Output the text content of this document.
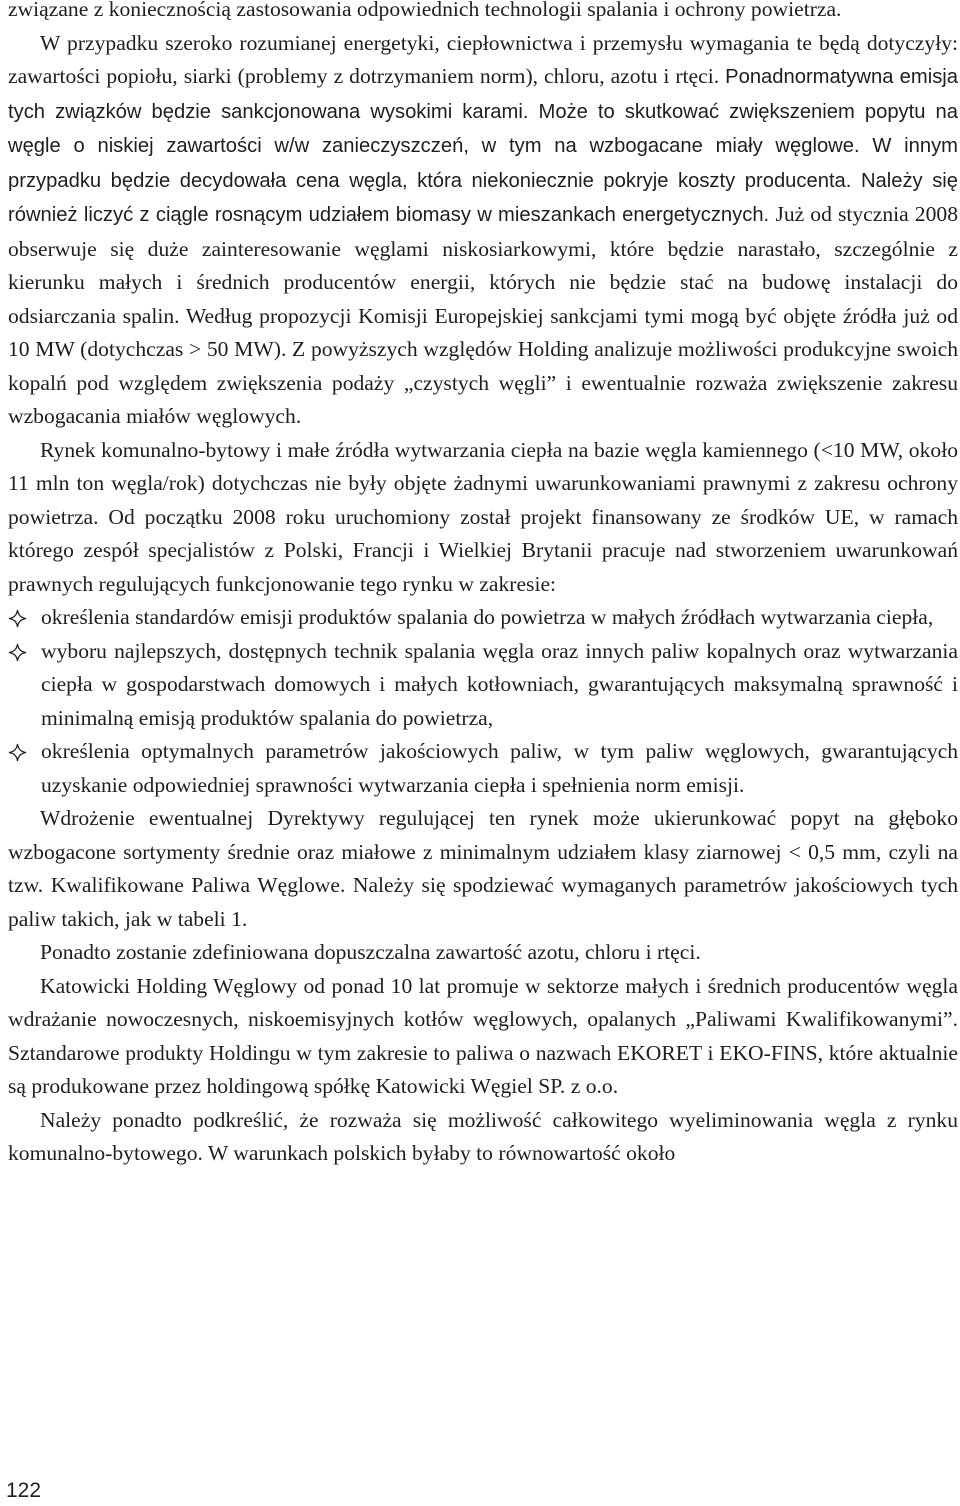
związane z koniecznością zastosowania odpowiednich technologii spalania i ochrony powietrza.

W przypadku szeroko rozumianej energetyki, ciepłownictwa i przemysłu wymagania te będą dotyczyły: zawartości popiołu, siarki (problemy z dotrzymaniem norm), chloru, azotu i rtęci. Ponadnormatywna emisja tych związków będzie sankcjonowana wysokimi karami. Może to skutkować zwiększeniem popytu na węgle o niskiej zawartości w/w zanieczyszczeń, w tym na wzbogacane miały węglowe. W innym przypadku będzie decydowała cena węgla, która niekoniecznie pokryje koszty producenta. Należy się również liczyć z ciągle rosnącym udziałem biomasy w mieszankach energetycznych. Już od stycznia 2008 obserwuje się duże zainteresowanie węglami niskosiarkowymi, które będzie narastało, szczególnie z kierunku małych i średnich producentów energii, których nie będzie stać na budowę instalacji do odsiarczania spalin. Według propozycji Komisji Europejskiej sankcjami tymi mogą być objęte źródła już od 10 MW (dotychczas > 50 MW). Z powyższych względów Holding analizuje możliwości produkcyjne swoich kopalń pod względem zwiększenia podaży „czystych węgli” i ewentualnie rozważa zwiększenie zakresu wzbogacania miałów węglowych.

Rynek komunalno-bytowy i małe źródła wytwarzania ciepła na bazie węgla kamiennego (<10 MW, około 11 mln ton węgla/rok) dotychczas nie były objęte żadnymi uwarunkowaniami prawnymi z zakresu ochrony powietrza. Od początku 2008 roku uruchomiony został projekt finansowany ze środków UE, w ramach którego zespół specjalistów z Polski, Francji i Wielkiej Brytanii pracuje nad stworzeniem uwarunkowań prawnych regulujących funkcjonowanie tego rynku w zakresie:

określenia standardów emisji produktów spalania do powietrza w małych źródłach wytwarzania ciepła,
wyboru najlepszych, dostępnych technik spalania węgla oraz innych paliw kopalnych oraz wytwarzania ciepła w gospodarstwach domowych i małych kotłowniach, gwarantujących maksymalną sprawność i minimalną emisją produktów spalania do powietrza,
określenia optymalnych parametrów jakościowych paliw, w tym paliw węglowych, gwarantujących uzyskanie odpowiedniej sprawności wytwarzania ciepła i spełnienia norm emisji.

Wdrożenie ewentualnej Dyrektywy regulującej ten rynek może ukierunkować popyt na głęboko wzbogacone sortymenty średnie oraz miałowe z minimalnym udziałem klasy ziarnowej < 0,5 mm, czyli na tzw. Kwalifikowane Paliwa Węglowe. Należy się spodziewać wymaganych parametrów jakościowych tych paliw takich, jak w tabeli 1.

Ponadto zostanie zdefiniowana dopuszczalna zawartość azotu, chloru i rtęci.

Katowicki Holding Węglowy od ponad 10 lat promuje w sektorze małych i średnich producentów węgla wdrażanie nowoczesnych, niskoemisyjnych kotłów węglowych, opalanych „Paliwami Kwalifikowanymi”. Sztandarowe produkty Holdingu w tym zakresie to paliwa o nazwach EKORET i EKO-FINS, które aktualnie są produkowane przez holdingową spółkę Katowicki Węgiel SP. z o.o.

Należy ponadto podkreślić, że rozważa się możliwość całkowitego wyeliminowania węgla z rynku komunalno-bytowego. W warunkach polskich byłaby to równowartość około

122
